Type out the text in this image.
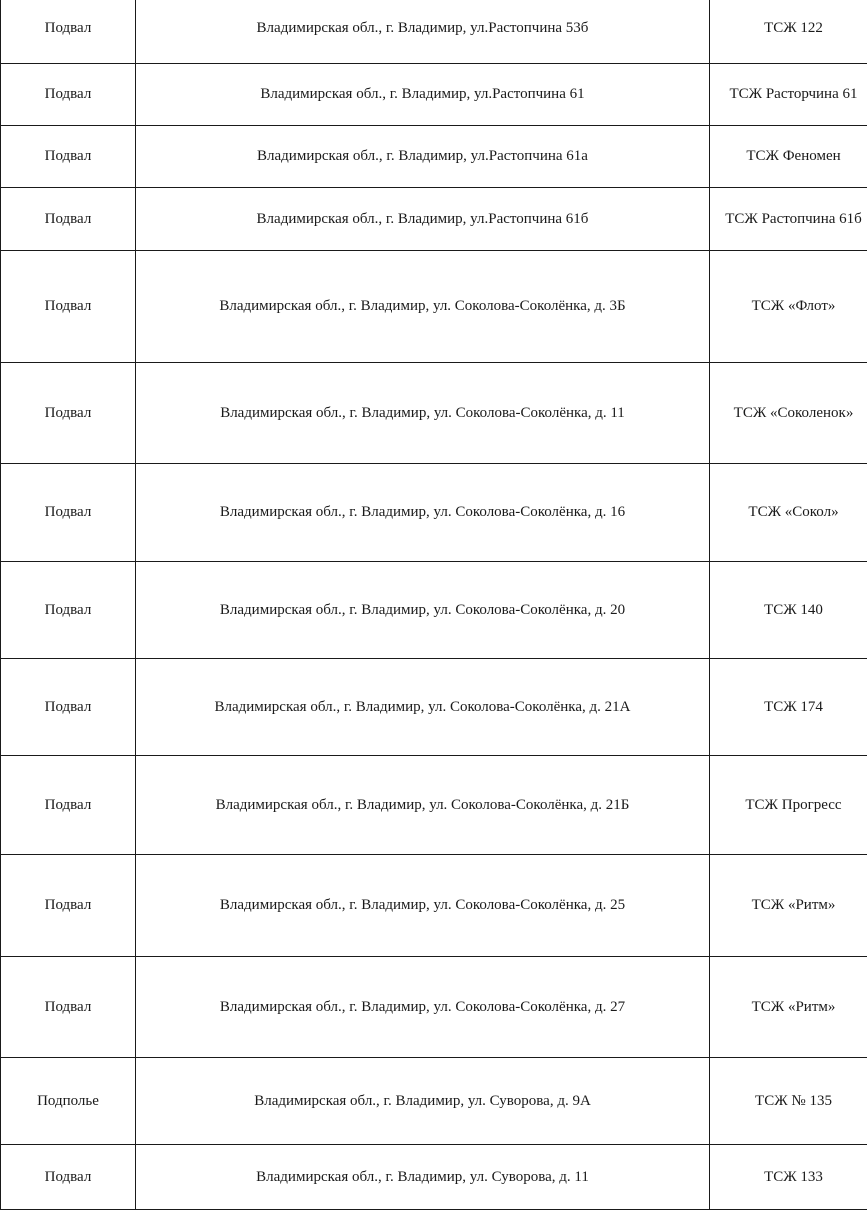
Подвал	Владимирская обл., г. Владимир, ул.Растопчина 53б	ТСЖ 122
Подвал	Владимирская обл., г. Владимир, ул.Растопчина 61	ТСЖ Расторчина 61
Подвал	Владимирская обл., г. Владимир, ул.Растопчина 61а	ТСЖ Феномен
Подвал	Владимирская обл., г. Владимир, ул.Растопчина 61б	ТСЖ Растопчина 61б
Подвал	Владимирская обл., г. Владимир, ул. Соколова-Соколёнка, д. 3Б	ТСЖ «Флот»
Подвал	Владимирская обл., г. Владимир, ул. Соколова-Соколёнка, д. 11	ТСЖ «Соколенок»
Подвал	Владимирская обл., г. Владимир, ул. Соколова-Соколёнка, д. 16	ТСЖ «Сокол»
Подвал	Владимирская обл., г. Владимир, ул. Соколова-Соколёнка, д. 20	ТСЖ 140
Подвал	Владимирская обл., г. Владимир, ул. Соколова-Соколёнка, д. 21А	ТСЖ 174
Подвал	Владимирская обл., г. Владимир, ул. Соколова-Соколёнка, д. 21Б	ТСЖ Прогресс
Подвал	Владимирская обл., г. Владимир, ул. Соколова-Соколёнка, д. 25	ТСЖ «Ритм»
Подвал	Владимирская обл., г. Владимир, ул. Соколова-Соколёнка, д. 27	ТСЖ «Ритм»
Подполье	Владимирская обл., г. Владимир, ул. Суворова, д. 9А	ТСЖ № 135
Подвал	Владимирская обл., г. Владимир, ул. Суворова, д. 11	ТСЖ 133
